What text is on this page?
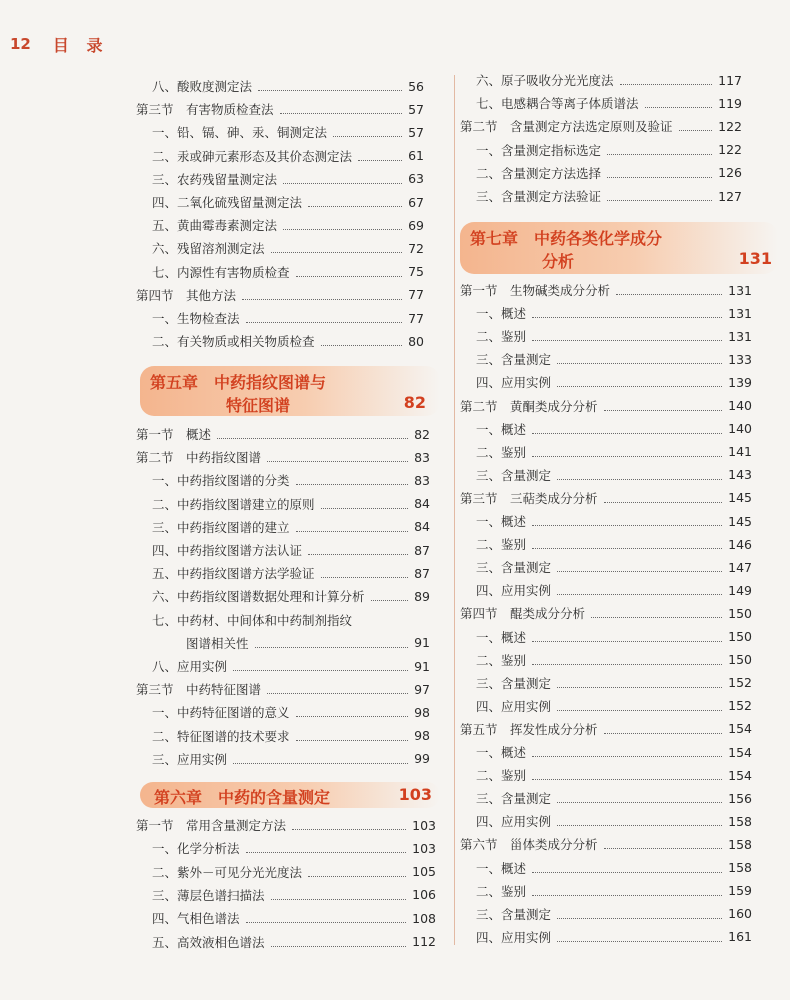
12 目 录
第五章　中药指纹图谱与
特征图谱	82
第六章　中药的含量测定	103
第七章　中药各类化学成分
分析	131
八、酸败度测定法	56
第三节　有害物质检查法	57
一、铅、镉、砷、汞、铜测定法	57
二、汞或砷元素形态及其价态测定法	61
三、农药残留量测定法	63
四、二氧化硫残留量测定法	67
五、黄曲霉毒素测定法	69
六、残留溶剂测定法	72
七、内源性有害物质检查	75
第四节　其他方法	77
一、生物检查法	77
二、有关物质或相关物质检查	80
第一节　概述	82
第二节　中药指纹图谱	83
一、中药指纹图谱的分类	83
二、中药指纹图谱建立的原则	84
三、中药指纹图谱的建立	84
四、中药指纹图谱方法认证	87
五、中药指纹图谱方法学验证	87
六、中药指纹图谱数据处理和计算分析	89
七、中药材、中间体和中药制剂指纹
图谱相关性	91
八、应用实例	91
第三节　中药特征图谱	97
一、中药特征图谱的意义	98
二、特征图谱的技术要求	98
三、应用实例	99
第一节　常用含量测定方法	103
一、化学分析法	103
二、紫外－可见分光光度法	105
三、薄层色谱扫描法	106
四、气相色谱法	108
五、高效液相色谱法	112
六、原子吸收分光光度法	117
七、电感耦合等离子体质谱法	119
第二节　含量测定方法选定原则及验证	122
一、含量测定指标选定	122
二、含量测定方法选择	126
三、含量测定方法验证	127
第一节　生物碱类成分分析	131
一、概述	131
二、鉴别	131
三、含量测定	133
四、应用实例	139
第二节　黄酮类成分分析	140
一、概述	140
二、鉴别	141
三、含量测定	143
第三节　三萜类成分分析	145
一、概述	145
二、鉴别	146
三、含量测定	147
四、应用实例	149
第四节　醌类成分分析	150
一、概述	150
二、鉴别	150
三、含量测定	152
四、应用实例	152
第五节　挥发性成分分析	154
一、概述	154
二、鉴别	154
三、含量测定	156
四、应用实例	158
第六节　甾体类成分分析	158
一、概述	158
二、鉴别	159
三、含量测定	160
四、应用实例	161
